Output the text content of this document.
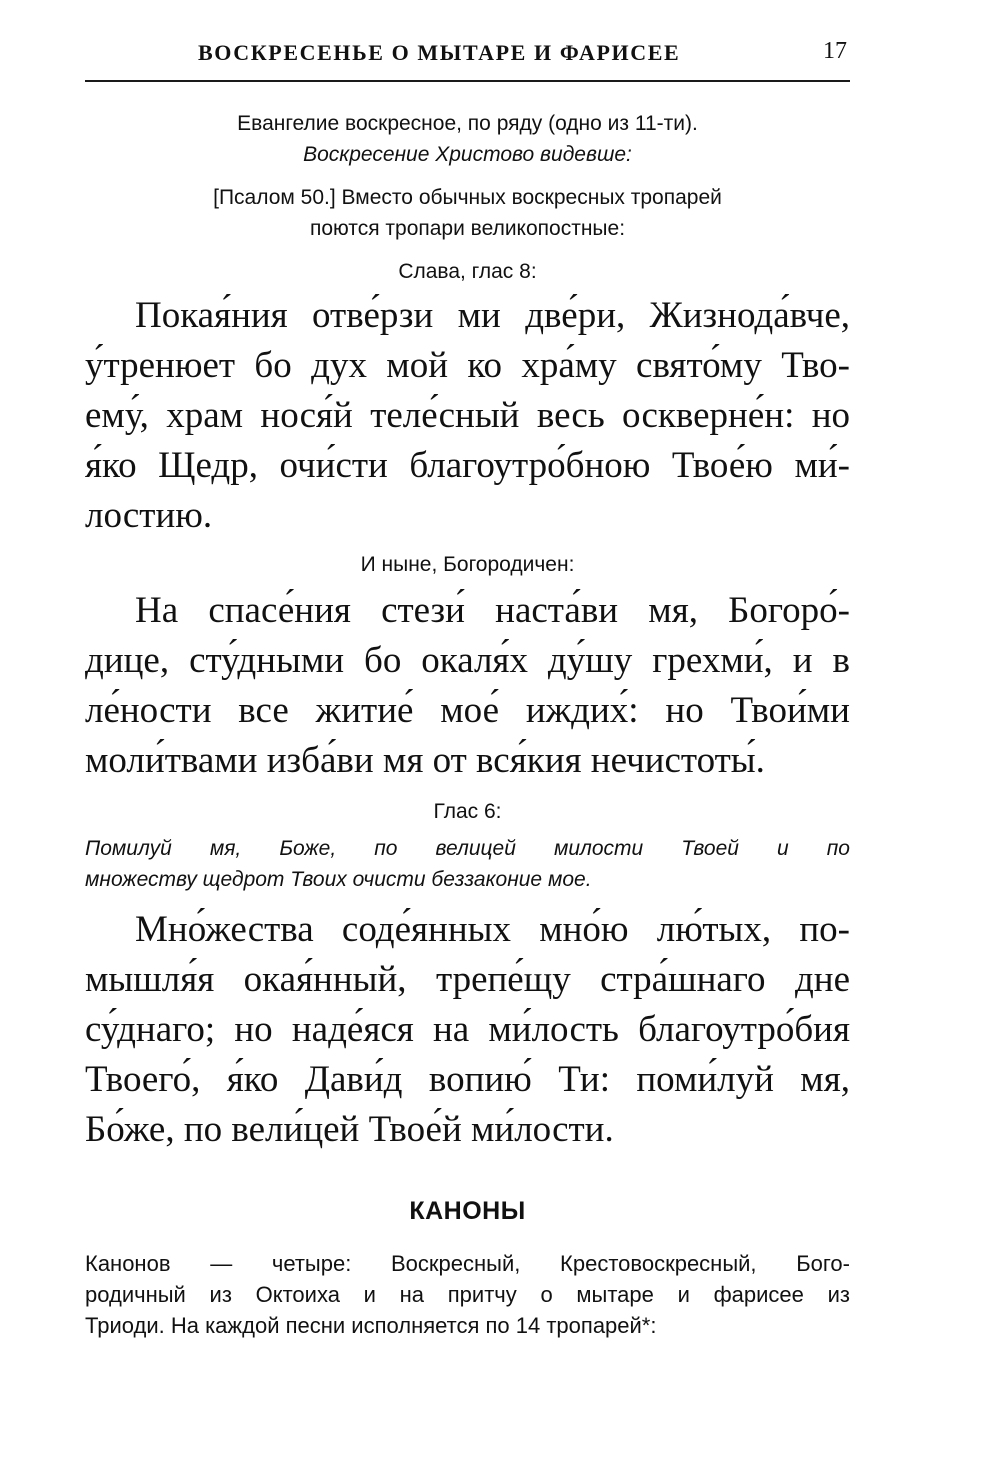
ВОСКРЕСЕНЬЕ О МЫТАРЕ И ФАРИСЕЕ	17

Евангелие воскресное, по ряду (одно из 11-ти).

Воскресение Христово видевше:

[Псалом 50.] Вместо обычных воскресных тропарей

поются тропари великопостные:

Слава, глас 8:

Покая́ния отве́рзи ми две́ри, Жизнода́вче,
у́тренюет бо дух мой ко хра́му свято́му Тво-
ему́, храм нося́й теле́сный весь оскверне́н: но
я́ко Щедр, очи́сти благоутро́бною Твое́ю ми́-
лостию.

И ныне, Богородичен:

На спасе́ния стези́ наста́ви мя, Богоро́-
дице, сту́дными бо окаля́х ду́шу грехми́, и в
ле́ности все житие́ мое́ иждих́: но Твои́ми
моли́твами изба́ви мя от вся́кия нечистоты́.

Глас 6:

Помилуй мя, Боже, по велицей милости Твоей и по

множеству щедрот Твоих очисти беззаконие мое.

Мно́жества соде́янных мно́ю лю́тых, по-
мышля́я окая́нный, трепе́щу стра́шнаго дне
су́днаго; но наде́яся на ми́лость благоутро́бия
Твоего́, я́ко Дави́д вопию́ Ти: поми́луй мя,
Бо́же, по вели́цей Твое́й ми́лости.

КАНОНЫ

Канонов — четыре: Воскресный, Крестовоскресный, Бого-
родичный из Октоиха и на притчу о мытаре и фарисее из
Триоди. На каждой песни исполняется по 14 тропарей*:
